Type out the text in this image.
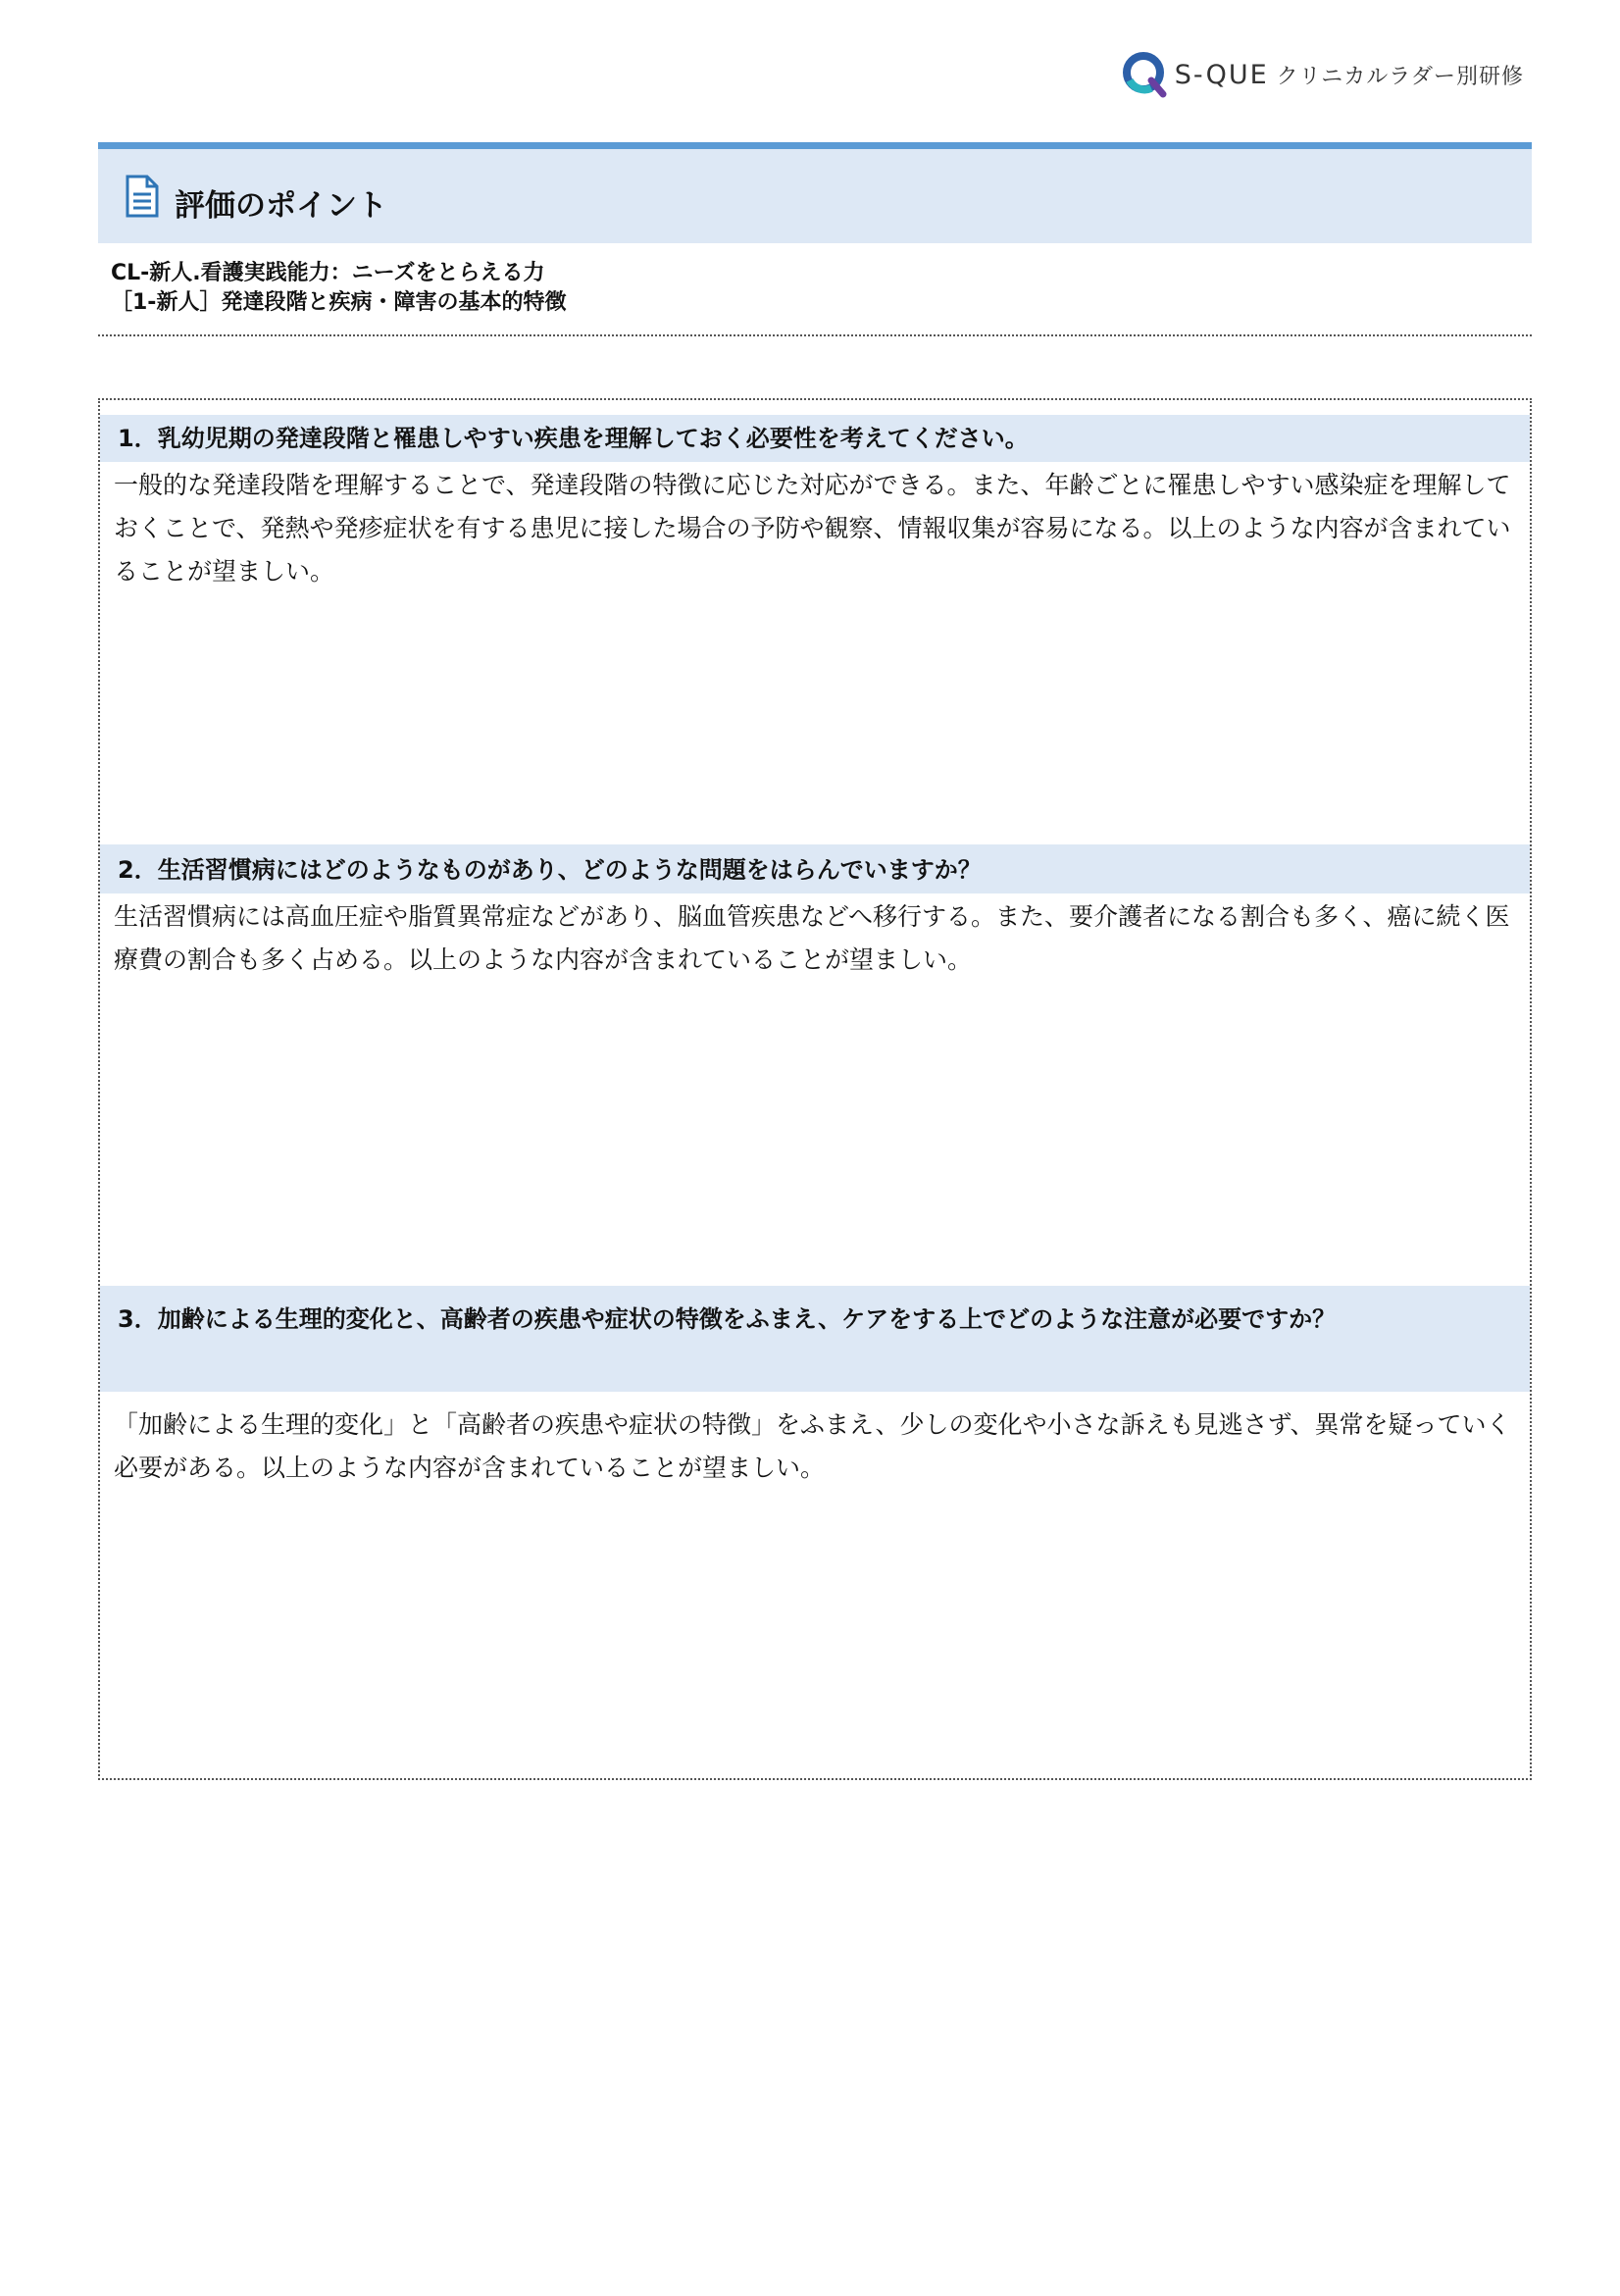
S-QUE クリニカルラダー別研修
評価のポイント
CL-新人.看護実践能力：ニーズをとらえる力
［1-新人］発達段階と疾病・障害の基本的特徴
1．乳幼児期の発達段階と罹患しやすい疾患を理解しておく必要性を考えてください。
一般的な発達段階を理解することで、発達段階の特徴に応じた対応ができる。また、年齢ごとに罹患しやすい感染症を理解しておくことで、発熱や発疹症状を有する患児に接した場合の予防や観察、情報収集が容易になる。以上のような内容が含まれていることが望ましい。
2．生活習慣病にはどのようなものがあり、どのような問題をはらんでいますか？
生活習慣病には高血圧症や脂質異常症などがあり、脳血管疾患などへ移行する。また、要介護者になる割合も多く、癌に続く医療費の割合も多く占める。以上のような内容が含まれていることが望ましい。
3．加齢による生理的変化と、高齢者の疾患や症状の特徴をふまえ、ケアをする上でどのような注意が必要ですか？
「加齢による生理的変化」と「高齢者の疾患や症状の特徴」をふまえ、少しの変化や小さな訴えも見逃さず、異常を疑っていく必要がある。以上のような内容が含まれていることが望ましい。
